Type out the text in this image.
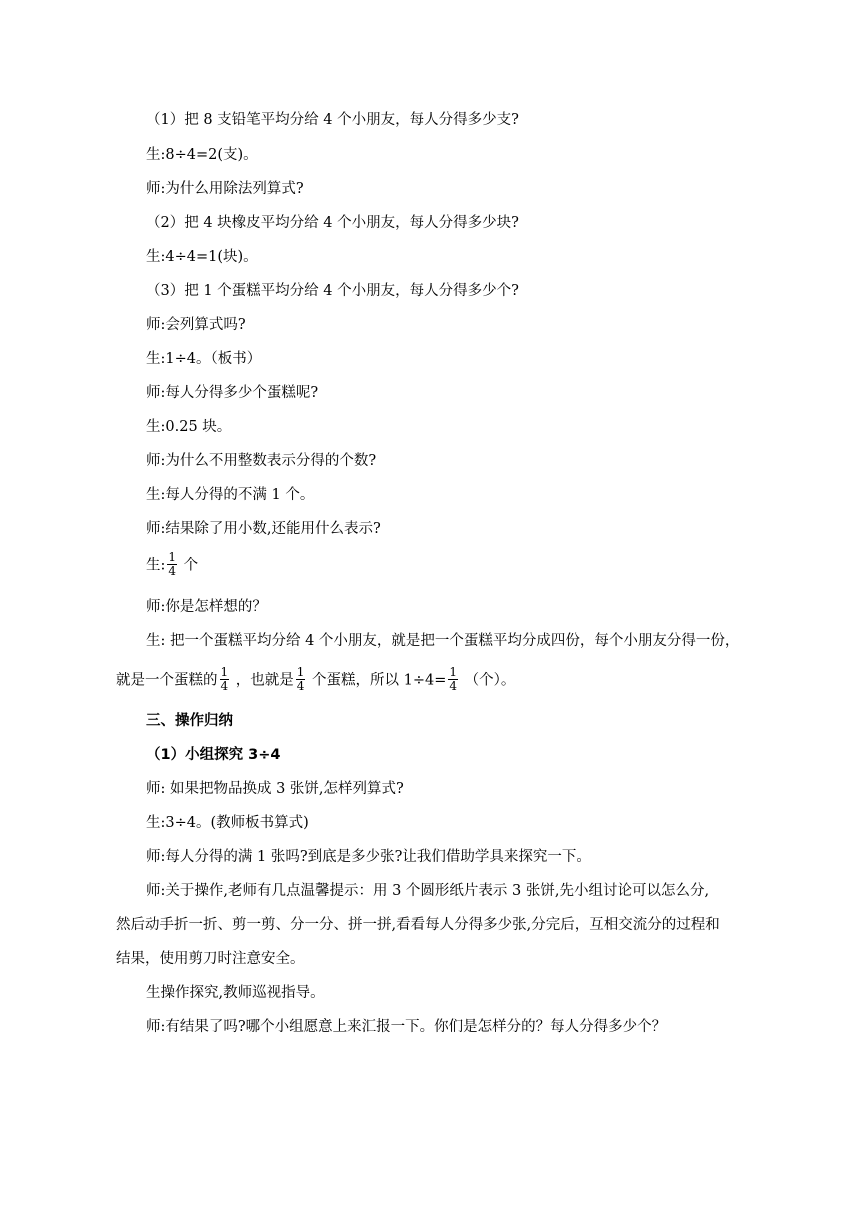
（1）把 8 支铅笔平均分给 4 个小朋友，每人分得多少支?
生:8÷4=2(支)。
师:为什么用除法列算式?
（2）把 4 块橡皮平均分给 4 个小朋友，每人分得多少块?
生:4÷4=1(块)。
（3）把 1 个蛋糕平均分给 4 个小朋友，每人分得多少个?
师:会列算式吗?
生:1÷4。（板书）
师:每人分得多少个蛋糕呢?
生:0.25 块。
师:为什么不用整数表示分得的个数?
生:每人分得的不满 1 个。
师:结果除了用小数,还能用什么表示?
生: $\frac{1}{4}$ 个
师:你是怎样想的？
生: 把一个蛋糕平均分给 4 个小朋友，就是把一个蛋糕平均分成四份，每个小朋友分得一份，
就是一个蛋糕的 $\frac{1}{4}$ ，也就是 $\frac{1}{4}$ 个蛋糕，所以 $1\div 4= \frac{1}{4}$ （个）。
三、操作归纳
（1）小组探究 3÷4
师: 如果把物品换成 3 张饼,怎样列算式?
生:3÷4。(教师板书算式)
师:每人分得的满 1 张吗?到底是多少张?让我们借助学具来探究一下。
师:关于操作,老师有几点温馨提示：用 3 个圆形纸片表示 3 张饼,先小组讨论可以怎么分,
然后动手折一折、剪一剪、分一分、拼一拼,看看每人分得多少张,分完后，互相交流分的过程和
结果，使用剪刀时注意安全。
生操作探究,教师巡视指导。
师:有结果了吗?哪个小组愿意上来汇报一下。你们是怎样分的？每人分得多少个？
